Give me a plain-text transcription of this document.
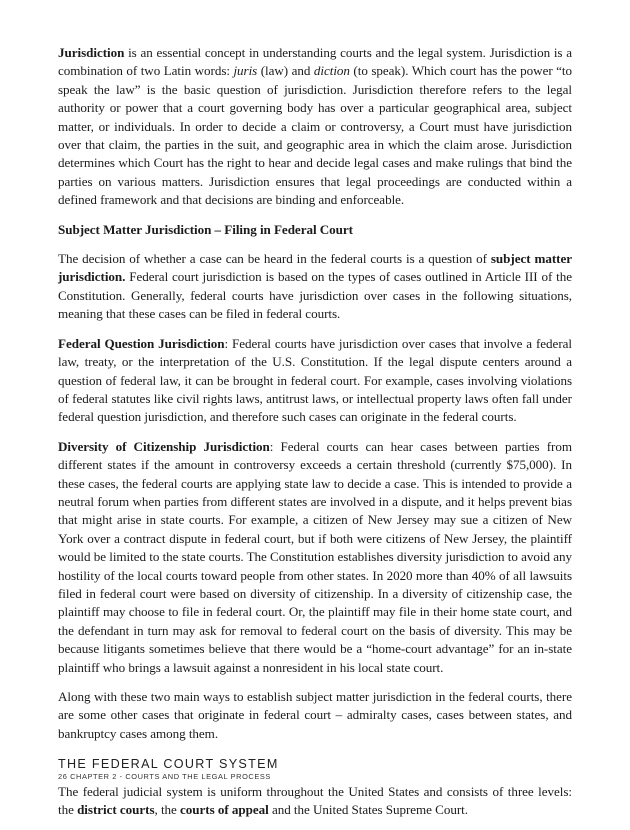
Jurisdiction is an essential concept in understanding courts and the legal system. Jurisdiction is a combination of two Latin words: juris (law) and diction (to speak). Which court has the power “to speak the law” is the basic question of jurisdiction. Jurisdiction therefore refers to the legal authority or power that a court governing body has over a particular geographical area, subject matter, or individuals. In order to decide a claim or controversy, a Court must have jurisdiction over that claim, the parties in the suit, and geographic area in which the claim arose. Jurisdiction determines which Court has the right to hear and decide legal cases and make rulings that bind the parties on various matters. Jurisdiction ensures that legal proceedings are conducted within a defined framework and that decisions are binding and enforceable.

Subject Matter Jurisdiction – Filing in Federal Court

The decision of whether a case can be heard in the federal courts is a question of subject matter jurisdiction. Federal court jurisdiction is based on the types of cases outlined in Article III of the Constitution. Generally, federal courts have jurisdiction over cases in the following situations, meaning that these cases can be filed in federal courts.

Federal Question Jurisdiction: Federal courts have jurisdiction over cases that involve a federal law, treaty, or the interpretation of the U.S. Constitution. If the legal dispute centers around a question of federal law, it can be brought in federal court. For example, cases involving violations of federal statutes like civil rights laws, antitrust laws, or intellectual property laws often fall under federal question jurisdiction, and therefore such cases can originate in the federal courts.

Diversity of Citizenship Jurisdiction: Federal courts can hear cases between parties from different states if the amount in controversy exceeds a certain threshold (currently $75,000). In these cases, the federal courts are applying state law to decide a case. This is intended to provide a neutral forum when parties from different states are involved in a dispute, and it helps prevent bias that might arise in state courts. For example, a citizen of New Jersey may sue a citizen of New York over a contract dispute in federal court, but if both were citizens of New Jersey, the plaintiff would be limited to the state courts. The Constitution establishes diversity jurisdiction to avoid any hostility of the local courts toward people from other states. In 2020 more than 40% of all lawsuits filed in federal court were based on diversity of citizenship. In a diversity of citizenship case, the plaintiff may choose to file in federal court. Or, the plaintiff may file in their home state court, and the defendant in turn may ask for removal to federal court on the basis of diversity. This may be because litigants sometimes believe that there would be a “home-court advantage” for an in-state plaintiff who brings a lawsuit against a nonresident in his local state court.

Along with these two main ways to establish subject matter jurisdiction in the federal courts, there are some other cases that originate in federal court – admiralty cases, cases between states, and bankruptcy cases among them.

THE FEDERAL COURT SYSTEM

The federal judicial system is uniform throughout the United States and consists of three levels: the district courts, the courts of appeal and the United States Supreme Court.

26 CHAPTER 2 - COURTS AND THE LEGAL PROCESS
